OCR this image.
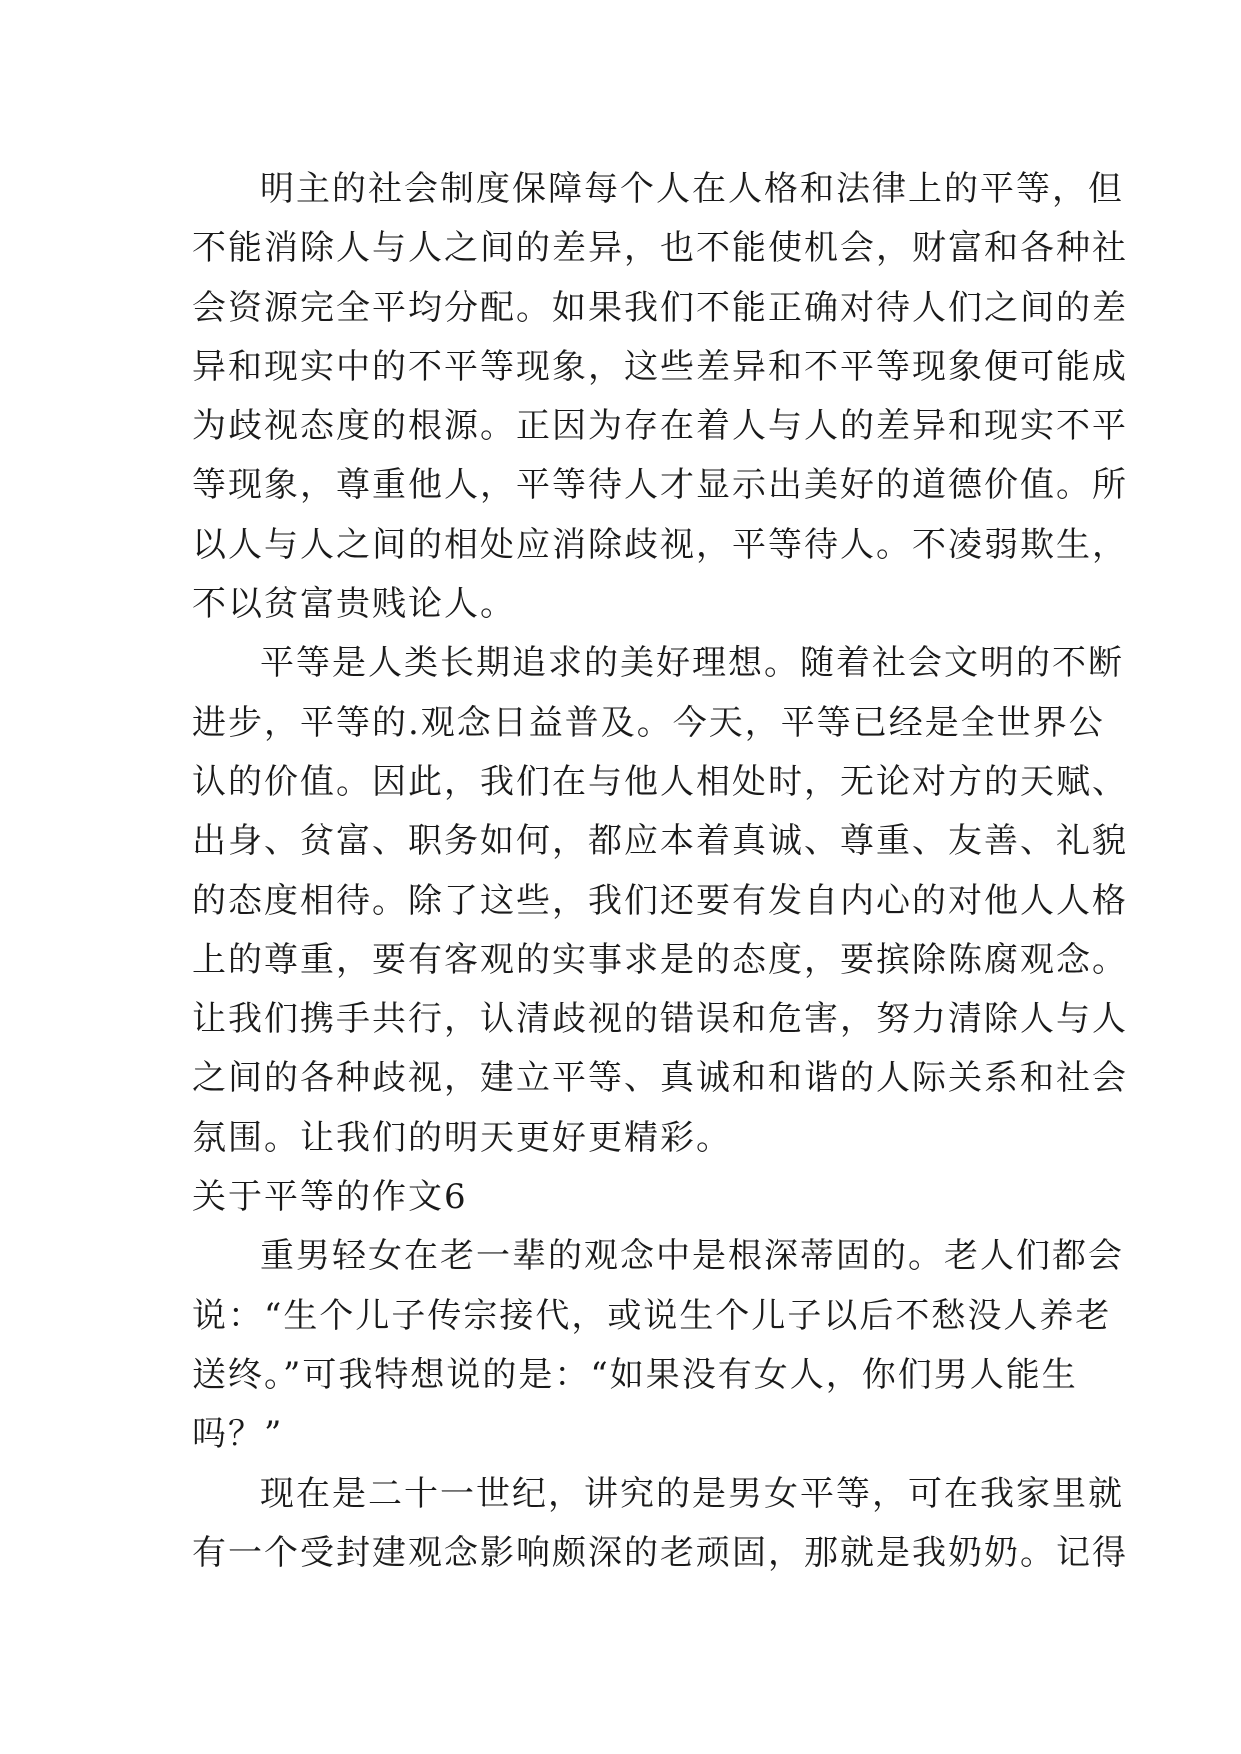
明主的社会制度保障每个人在人格和法律上的平等，但
不能消除人与人之间的差异，也不能使机会，财富和各种社
会资源完全平均分配。如果我们不能正确对待人们之间的差
异和现实中的不平等现象，这些差异和不平等现象便可能成
为歧视态度的根源。正因为存在着人与人的差异和现实不平
等现象，尊重他人，平等待人才显示出美好的道德价值。所
以人与人之间的相处应消除歧视，平等待人。不凌弱欺生，
不以贫富贵贱论人。
平等是人类长期追求的美好理想。随着社会文明的不断
进步，平等的.观念日益普及。今天，平等已经是全世界公
认的价值。因此，我们在与他人相处时，无论对方的天赋、
出身、贫富、职务如何，都应本着真诚、尊重、友善、礼貌
的态度相待。除了这些，我们还要有发自内心的对他人人格
上的尊重，要有客观的实事求是的态度，要摈除陈腐观念。
让我们携手共行，认清歧视的错误和危害，努力清除人与人
之间的各种歧视，建立平等、真诚和和谐的人际关系和社会
氛围。让我们的明天更好更精彩。
关于平等的作文6
重男轻女在老一辈的观念中是根深蒂固的。老人们都会
说：“生个儿子传宗接代，或说生个儿子以后不愁没人养老
送终。”可我特想说的是：“如果没有女人，你们男人能生
吗？”
现在是二十一世纪，讲究的是男女平等，可在我家里就
有一个受封建观念影响颇深的老顽固，那就是我奶奶。记得
